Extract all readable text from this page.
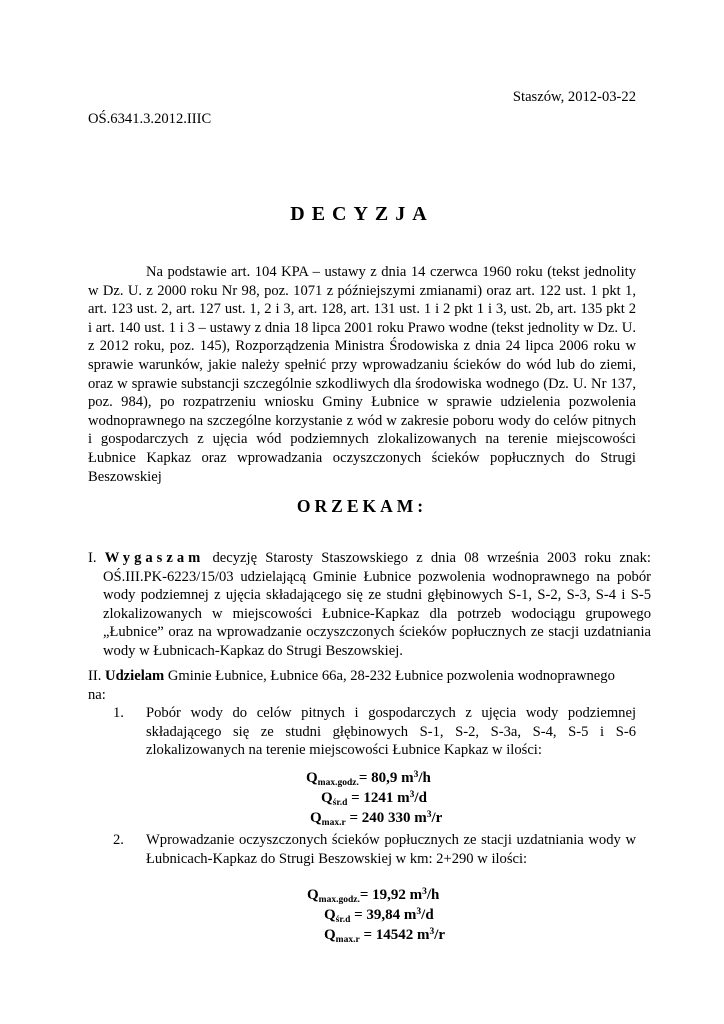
Staszów, 2012-03-22
OŚ.6341.3.2012.IIIC
DECYZJA
Na podstawie art. 104 KPA – ustawy z dnia 14 czerwca 1960 roku (tekst jednolity w Dz. U. z 2000 roku Nr 98, poz. 1071 z późniejszymi zmianami) oraz art. 122 ust. 1 pkt 1, art. 123 ust. 2, art. 127 ust. 1, 2 i 3, art. 128, art. 131 ust. 1 i 2 pkt 1 i 3, ust. 2b, art. 135 pkt 2 i art. 140 ust. 1 i 3 – ustawy z dnia 18 lipca 2001 roku Prawo wodne (tekst jednolity w Dz. U. z 2012 roku, poz. 145), Rozporządzenia Ministra Środowiska z dnia 24 lipca 2006 roku w sprawie warunków, jakie należy spełnić przy wprowadzaniu ścieków do wód lub do ziemi, oraz w sprawie substancji szczególnie szkodliwych dla środowiska wodnego (Dz. U. Nr 137, poz. 984), po rozpatrzeniu wniosku Gminy Łubnice w sprawie udzielenia pozwolenia wodnoprawnego na szczególne korzystanie z wód w zakresie poboru wody do celów pitnych i gospodarczych z ujęcia wód podziemnych zlokalizowanych na terenie miejscowości Łubnice Kapkaz oraz wprowadzania oczyszczonych ścieków popłucznych do Strugi Beszowskiej
ORZEKAM:
I. Wygaszam decyzję Starosty Staszowskiego z dnia 08 września 2003 roku znak: OŚ.III.PK-6223/15/03 udzielającą Gminie Łubnice pozwolenia wodnoprawnego na pobór wody podziemnej z ujęcia składającego się ze studni głębinowych S-1, S-2, S-3, S-4 i S-5 zlokalizowanych w miejscowości Łubnice-Kapkaz dla potrzeb wodociągu grupowego „Łubnice” oraz na wprowadzanie oczyszczonych ścieków popłucznych ze stacji uzdatniania wody w Łubnicach-Kapkaz do Strugi Beszowskiej.
II. Udzielam Gminie Łubnice, Łubnice 66a, 28-232 Łubnice pozwolenia wodnoprawnego na:
1. Pobór wody do celów pitnych i gospodarczych z ujęcia wody podziemnej składającego się ze studni głębinowych S-1, S-2, S-3a, S-4, S-5 i S-6 zlokalizowanych na terenie miejscowości Łubnice Kapkaz w ilości:
$Q_{max.godz.}= 80,9$ $m^3/h$
$Q_{śr.d} = 1241$ $m^3/d$
$Q_{max.r} = 240$ 330 $m^3/r$
2. Wprowadzanie oczyszczonych ścieków popłucznych ze stacji uzdatniania wody w Łubnicach-Kapkaz do Strugi Beszowskiej w km: 2+290 w ilości:
$Q_{max.godz.}= 19,92$ $m^3/h$
$Q_{śr.d} = 39,84$ $m^3/d$
$Q_{max.r} = 14542$ $m^3/r$
